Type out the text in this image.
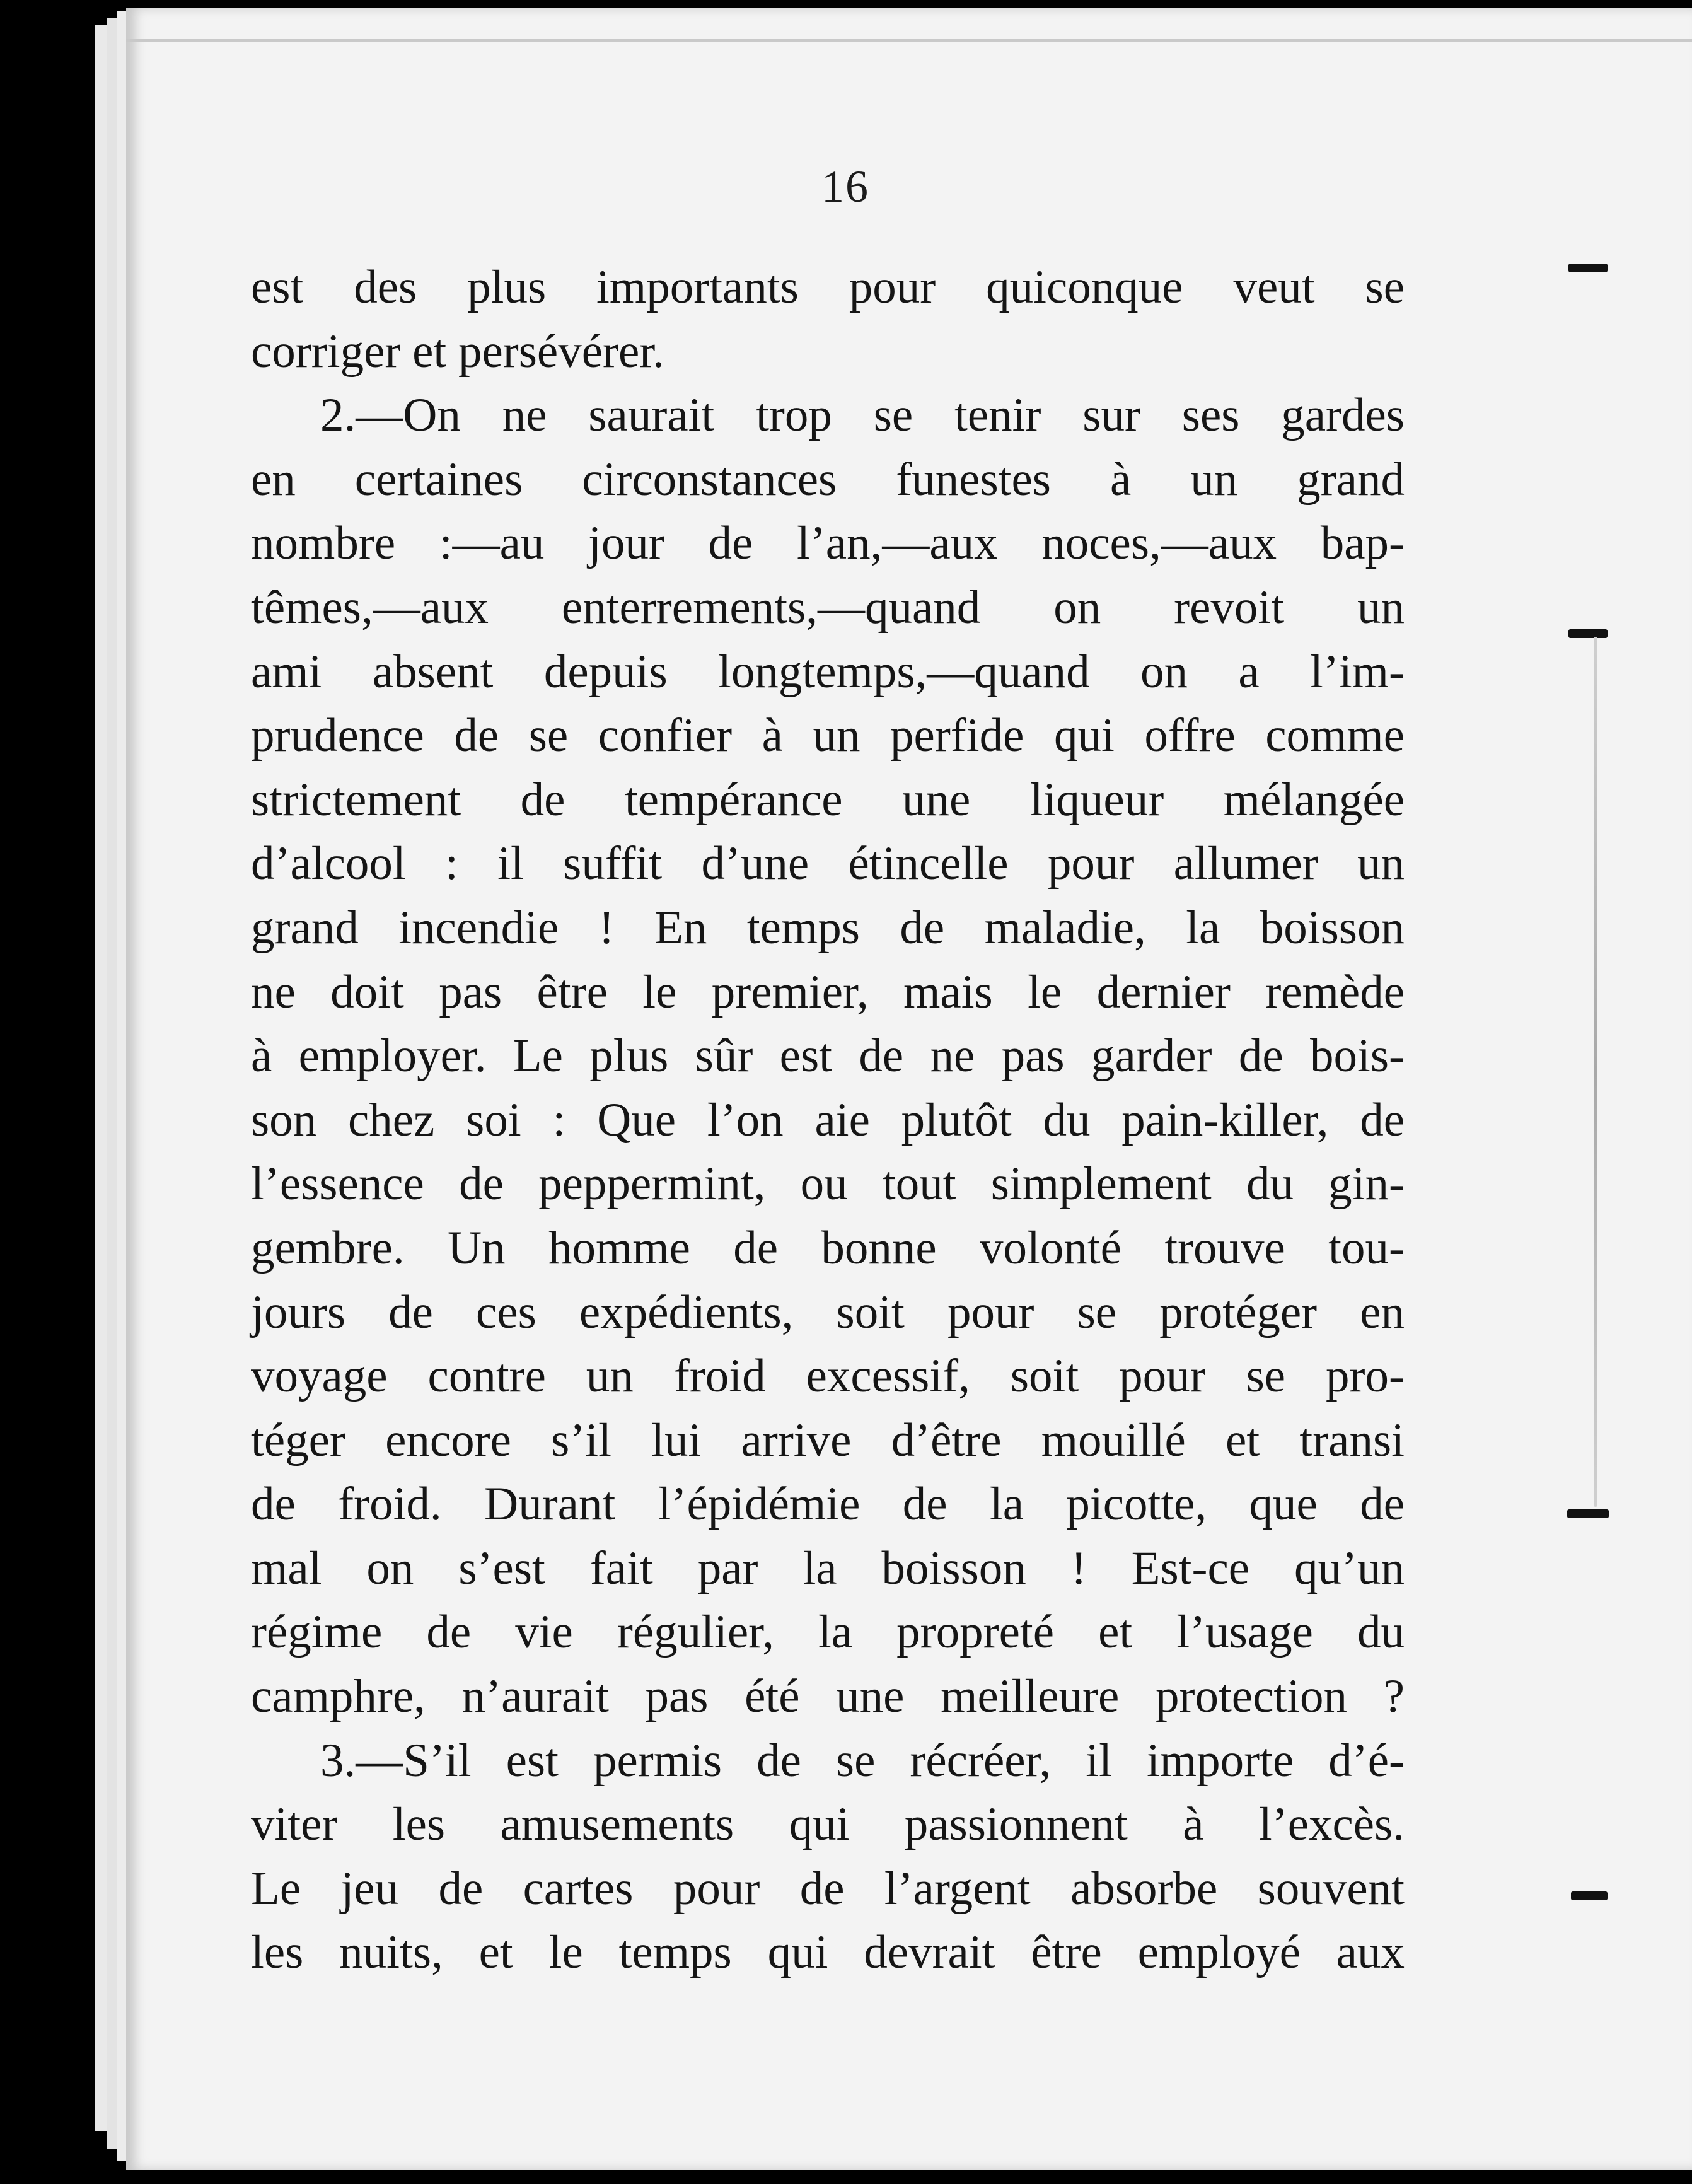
16
est des plus importants pour quiconque veut se
corriger et persévérer.
2.—On ne saurait trop se tenir sur ses gardes
en certaines circonstances funestes à un grand
nombre :—au jour de l’an,—aux noces,—aux bap-
têmes,—aux enterrements,—quand on revoit un
ami absent depuis longtemps,—quand on a l’im-
prudence de se confier à un perfide qui offre comme
strictement de tempérance une liqueur mélangée
d’alcool : il suffit d’une étincelle pour allumer un
grand incendie ! En temps de maladie, la boisson
ne doit pas être le premier, mais le dernier remède
à employer. Le plus sûr est de ne pas garder de bois-
son chez soi : Que l’on aie plutôt du pain-killer, de
l’essence de peppermint, ou tout simplement du gin-
gembre. Un homme de bonne volonté trouve tou-
jours de ces expédients, soit pour se protéger en
voyage contre un froid excessif, soit pour se pro-
téger encore s’il lui arrive d’être mouillé et transi
de froid. Durant l’épidémie de la picotte, que de
mal on s’est fait par la boisson ! Est-ce qu’un
régime de vie régulier, la propreté et l’usage du
camphre, n’aurait pas été une meilleure protection ?
3.—S’il est permis de se récréer, il importe d’é-
viter les amusements qui passionnent à l’excès.
Le jeu de cartes pour de l’argent absorbe souvent
les nuits, et le temps qui devrait être employé aux
